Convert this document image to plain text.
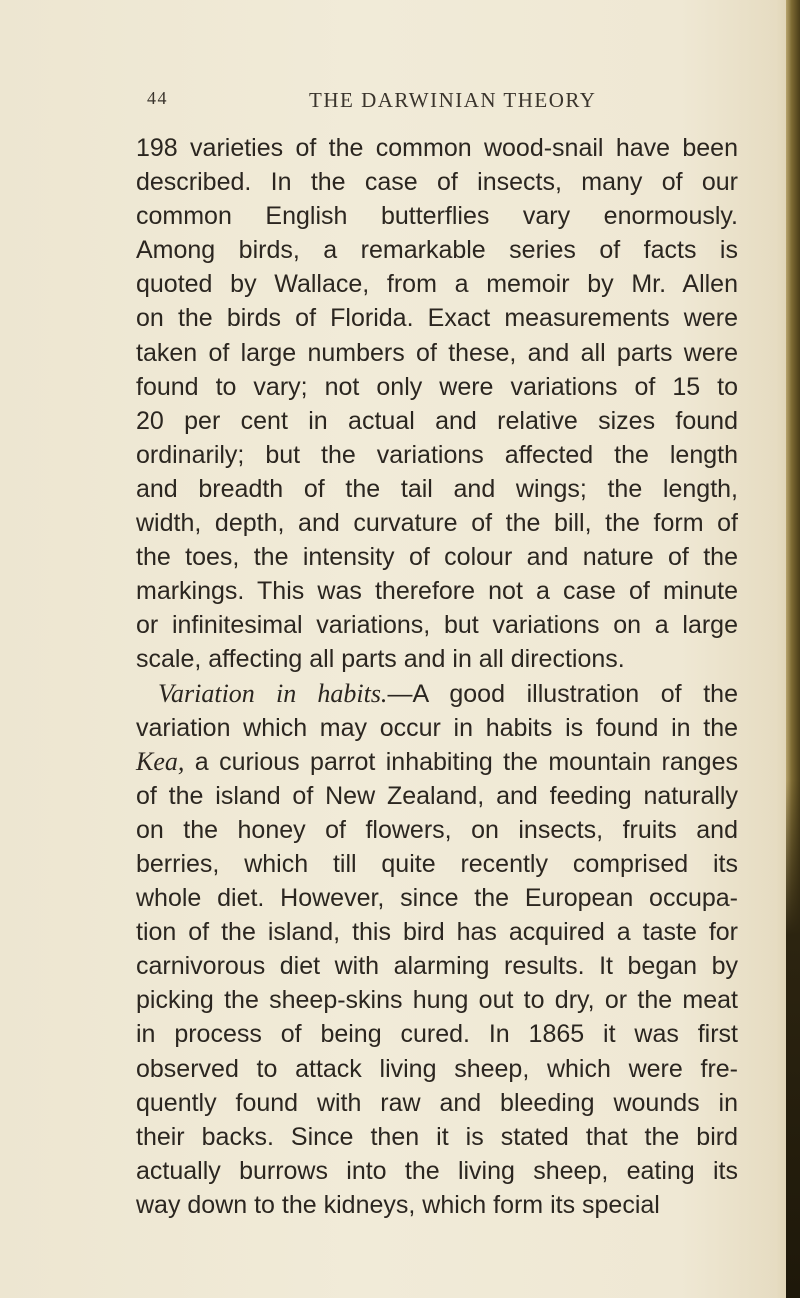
44	THE DARWINIAN THEORY
198 varieties of the common wood-snail have been
described. In the case of insects, many of our
common English butterflies vary enormously.
Among birds, a remarkable series of facts is
quoted by Wallace, from a memoir by Mr. Allen
on the birds of Florida. Exact measurements were
taken of large numbers of these, and all parts were
found to vary; not only were variations of 15 to
20 per cent in actual and relative sizes found
ordinarily; but the variations affected the length
and breadth of the tail and wings; the length,
width, depth, and curvature of the bill, the form of
the toes, the intensity of colour and nature of the
markings. This was therefore not a case of minute
or infinitesimal variations, but variations on a large
scale, affecting all parts and in all directions.
Variation in habits.—A good illustration of the
variation which may occur in habits is found in the
Kea, a curious parrot inhabiting the mountain ranges
of the island of New Zealand, and feeding naturally
on the honey of flowers, on insects, fruits and
berries, which till quite recently comprised its
whole diet. However, since the European occupa-
tion of the island, this bird has acquired a taste for
carnivorous diet with alarming results. It began by
picking the sheep-skins hung out to dry, or the meat
in process of being cured. In 1865 it was first
observed to attack living sheep, which were fre-
quently found with raw and bleeding wounds in
their backs. Since then it is stated that the bird
actually burrows into the living sheep, eating its
way down to the kidneys, which form its special
